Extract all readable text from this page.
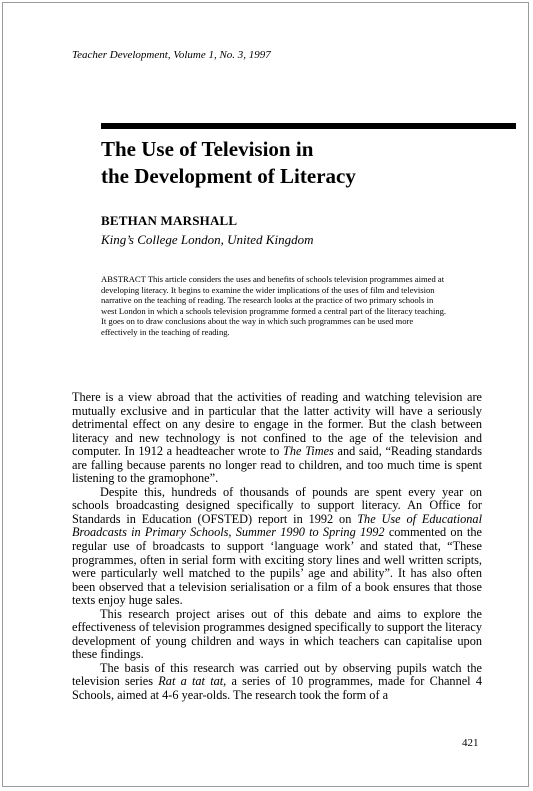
Teacher Development, Volume 1, No. 3, 1997
The Use of Television in
the Development of Literacy
BETHAN MARSHALL
King’s College London, United Kingdom

ABSTRACT This article considers the uses and benefits of schools television programmes aimed at developing literacy. It begins to examine the wider implications of the uses of film and television narrative on the teaching of reading. The research looks at the practice of two primary schools in west London in which a schools television programme formed a central part of the literacy teaching. It goes on to draw conclusions about the way in which such programmes can be used more effectively in the teaching of reading.

There is a view abroad that the activities of reading and watching television are mutually exclusive and in particular that the latter activity will have a seriously detrimental effect on any desire to engage in the former. But the clash between literacy and new technology is not confined to the age of the television and computer. In 1912 a headteacher wrote to The Times and said, “Reading standards are falling because parents no longer read to children, and too much time is spent listening to the gramophone”.

Despite this, hundreds of thousands of pounds are spent every year on schools broadcasting designed specifically to support literacy. An Office for Standards in Education (OFSTED) report in 1992 on The Use of Educational Broadcasts in Primary Schools, Summer 1990 to Spring 1992 commented on the regular use of broadcasts to support ‘language work’ and stated that, “These programmes, often in serial form with exciting story lines and well written scripts, were particularly well matched to the pupils’ age and ability”. It has also often been observed that a television serialisation or a film of a book ensures that those texts enjoy huge sales.

This research project arises out of this debate and aims to explore the effectiveness of television programmes designed specifically to support the literacy development of young children and ways in which teachers can capitalise upon these findings.

The basis of this research was carried out by observing pupils watch the television series Rat a tat tat, a series of 10 programmes, made for Channel 4 Schools, aimed at 4-6 year-olds. The research took the form of a

421
